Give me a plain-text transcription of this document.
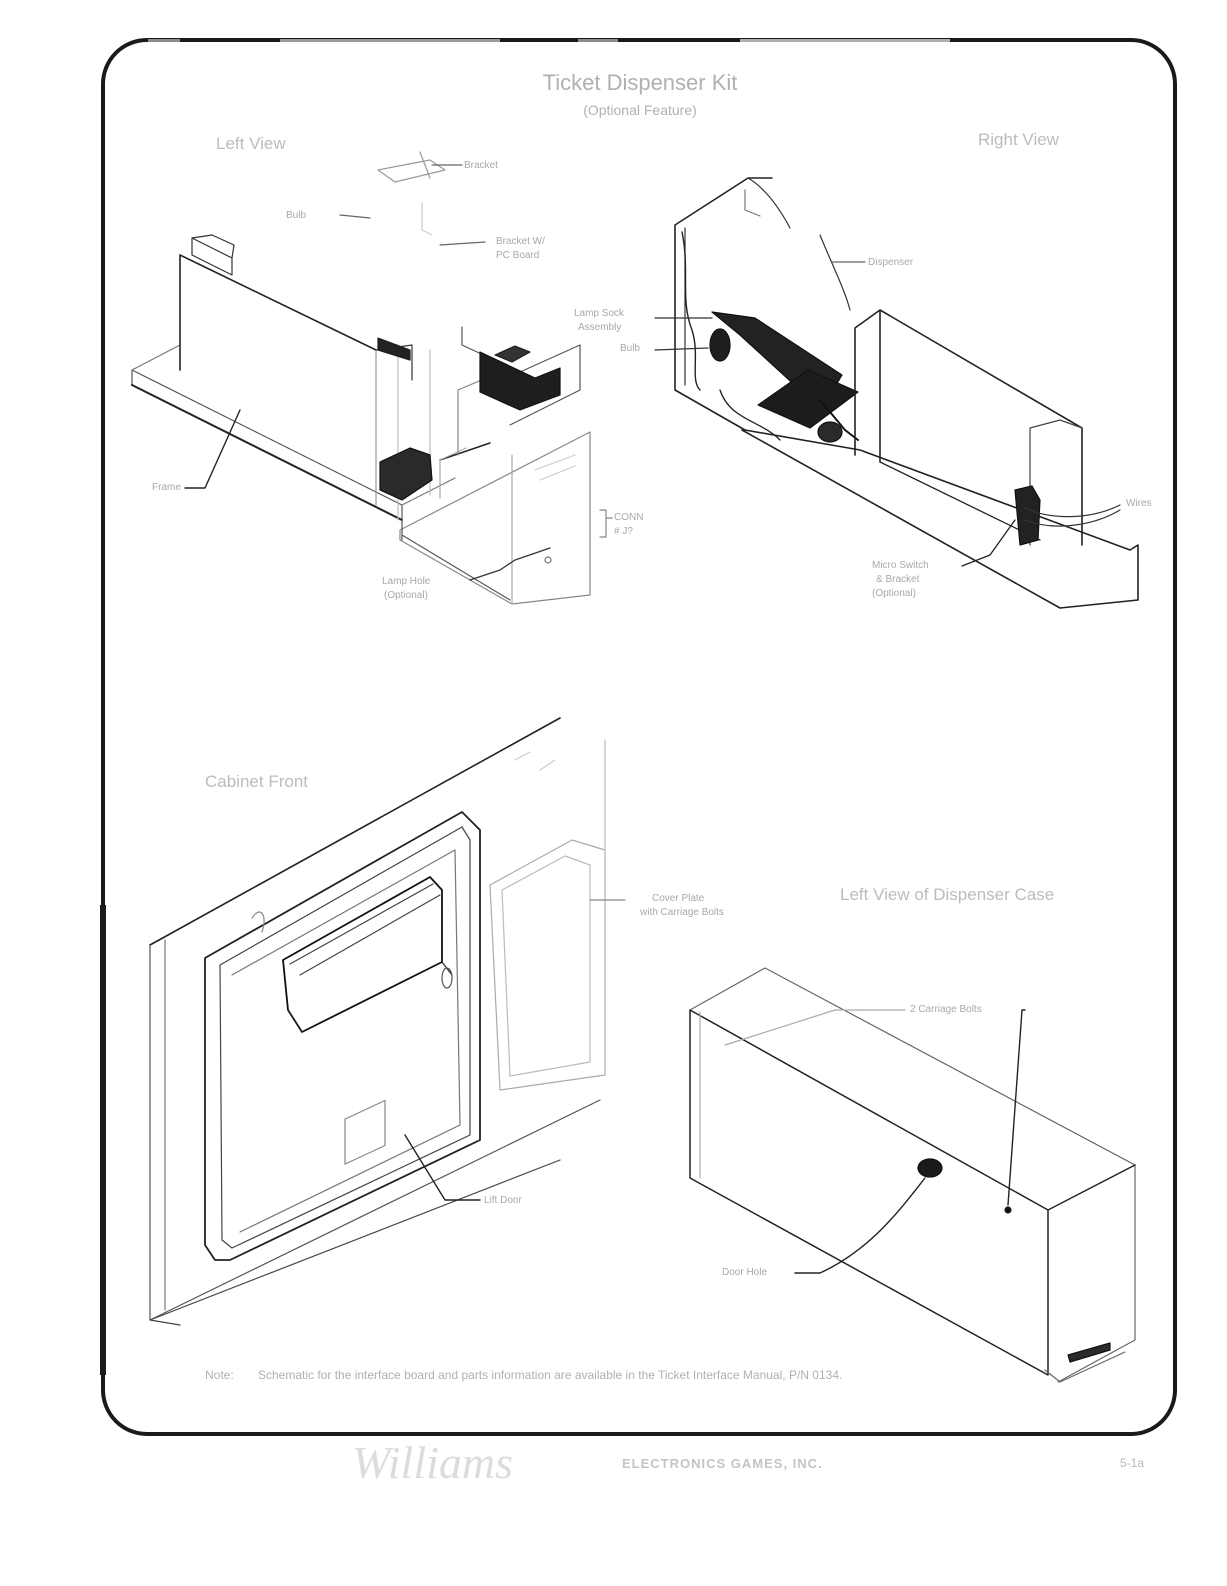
Ticket Dispenser Kit
(Optional Feature)
Left View	Right View
Cabinet Front
Left View of Dispenser Case
Bracket
Bulb
Bracket W/
PC Board
Dispenser
Lamp Sock
Assembly
Bulb
Frame
CONN
# J?
Lamp Hole
(Optional)
Wires
Micro Switch
& Bracket
(Optional)
Cover Plate
with Carriage Bolts
Lift Door
2 Carriage Bolts
Door Hole
Note: Schematic for the interface board and parts information are available in the Ticket Interface Manual, P/N 0134.
Williams	ELECTRONICS GAMES, INC.	5-1a
